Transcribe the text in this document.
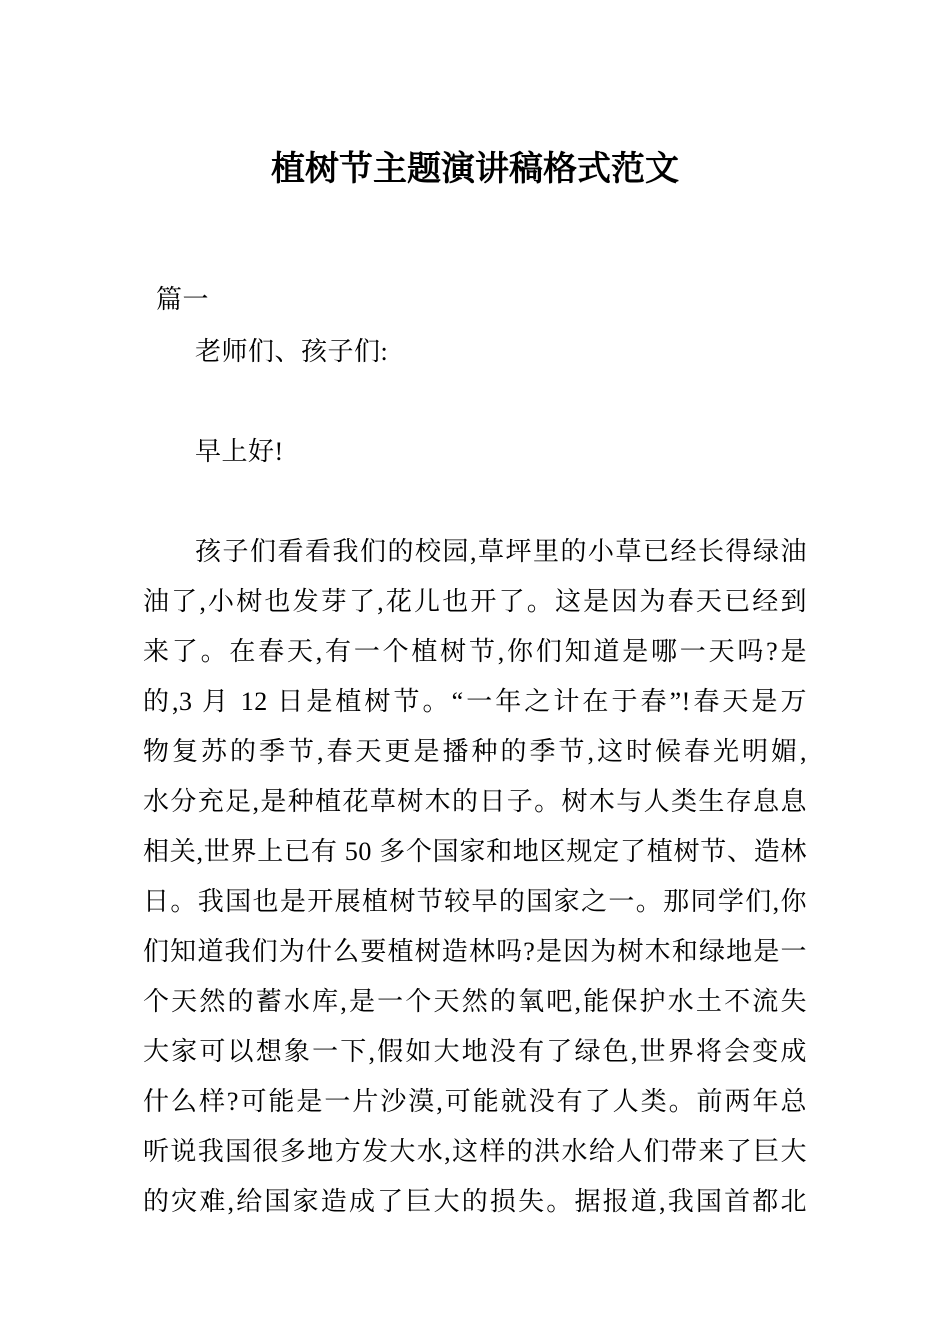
植树节主题演讲稿格式范文
篇一
老师们、孩子们:
早上好!
孩子们看看我们的校园,草坪里的小草已经长得绿油
油了,小树也发芽了,花儿也开了。这是因为春天已经到
来了。在春天,有一个植树节,你们知道是哪一天吗?是
的,3 月 12 日是植树节。“一年之计在于春”!春天是万
物复苏的季节,春天更是播种的季节,这时候春光明媚,
水分充足,是种植花草树木的日子。树木与人类生存息息
相关,世界上已有 50 多个国家和地区规定了植树节、造林
日。我国也是开展植树节较早的国家之一。那同学们,你
们知道我们为什么要植树造林吗?是因为树木和绿地是一
个天然的蓄水库,是一个天然的氧吧,能保护水土不流失
大家可以想象一下,假如大地没有了绿色,世界将会变成
什么样?可能是一片沙漠,可能就没有了人类。前两年总
听说我国很多地方发大水,这样的洪水给人们带来了巨大
的灾难,给国家造成了巨大的损失。据报道,我国首都北
